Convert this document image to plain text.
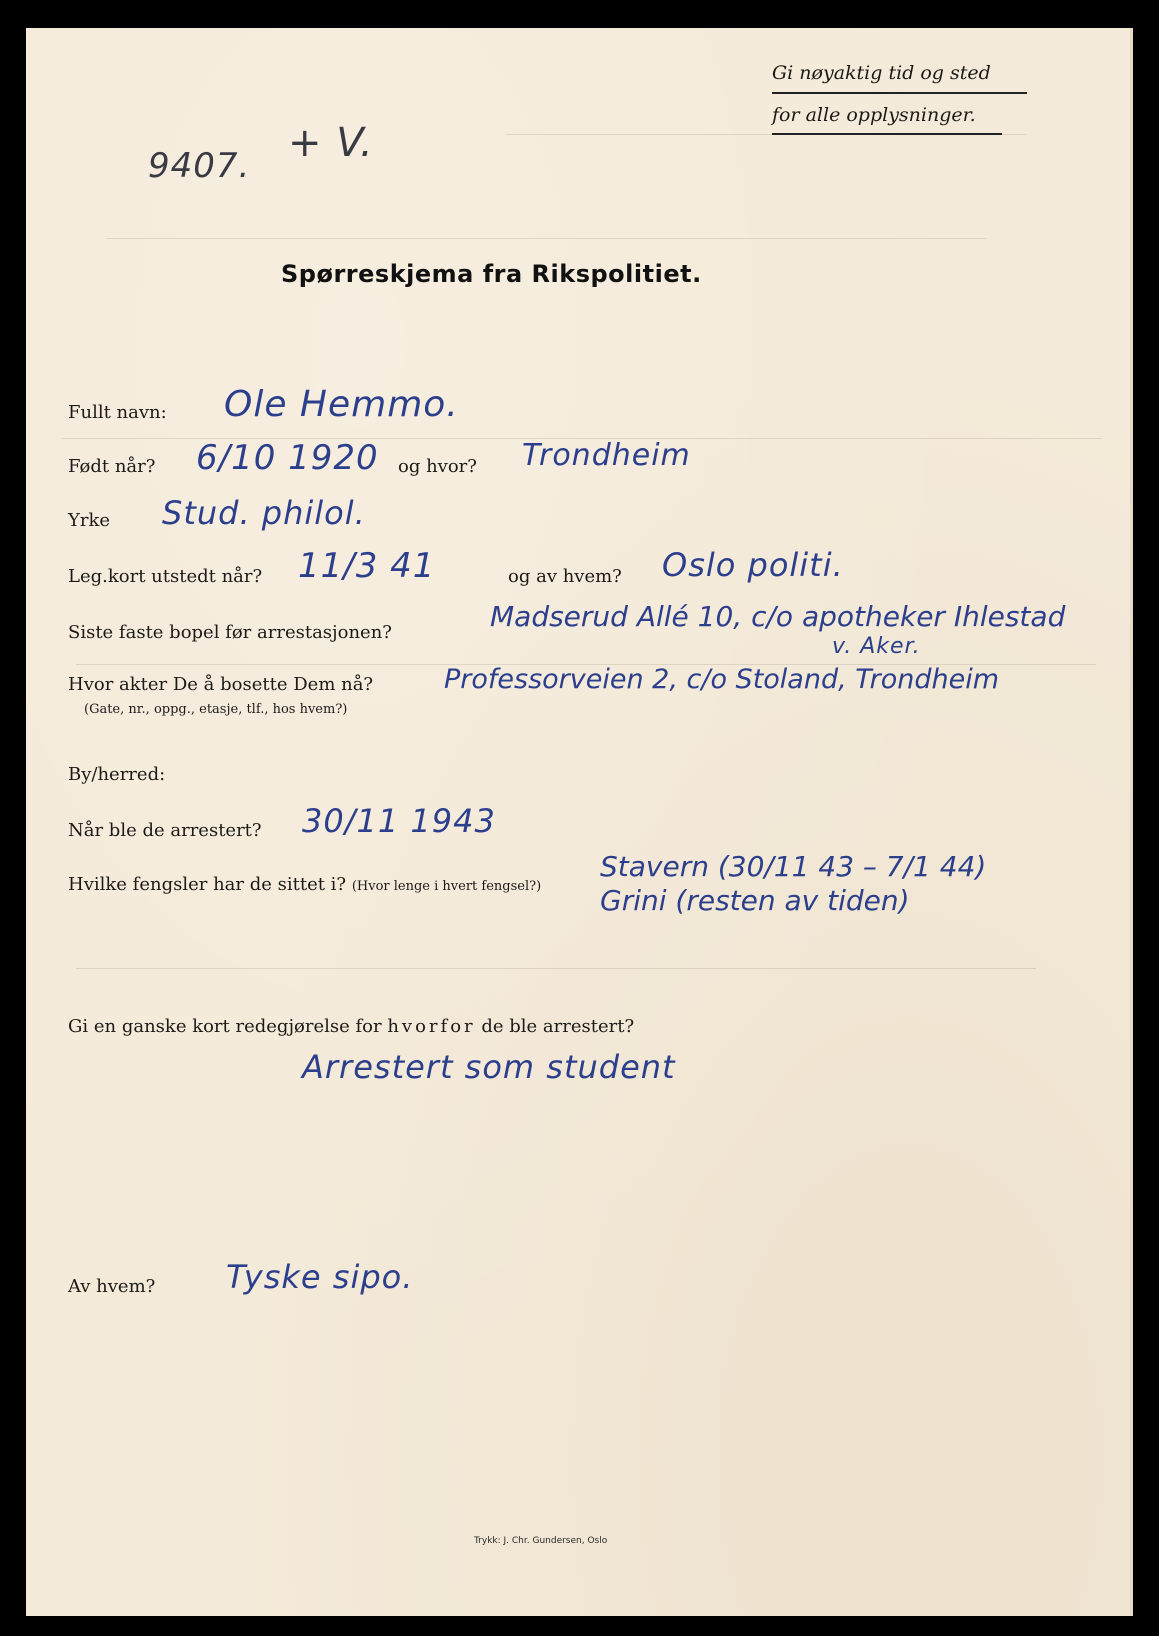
Gi nøyaktig tid og sted
for alle opplysninger.
9407. + V.
Spørreskjema fra Rikspolitiet.
Fullt navn: Ole Hemmo.
Født når? 6/10 1920 og hvor? Trondheim
Yrke Stud. philol.
Leg.kort utstedt når? 11/3 41	og av hvem? Oslo politi.
Siste faste bopel før arrestasjonen?	Madserud Allé 10, c/o apotheker Ihlestad
v. Aker.
Hvor akter De å bosette Dem nå?
(Gate, nr., oppg., etasje, tlf., hos hvem?)
Professorveien 2, c/o Stoland, Trondheim
By/herred:
Når ble de arrestert? 30/11 1943
Hvilke fengsler har de sittet i? (Hvor lenge i hvert fengsel?)
Stavern (30/11 43 – 7/1 44)
Grini (resten av tiden)
Gi en ganske kort redegjørelse for hvorfor de ble arrestert?
Arrestert som student
Av hvem? Tyske sipo.
Trykk: J. Chr. Gundersen, Oslo
